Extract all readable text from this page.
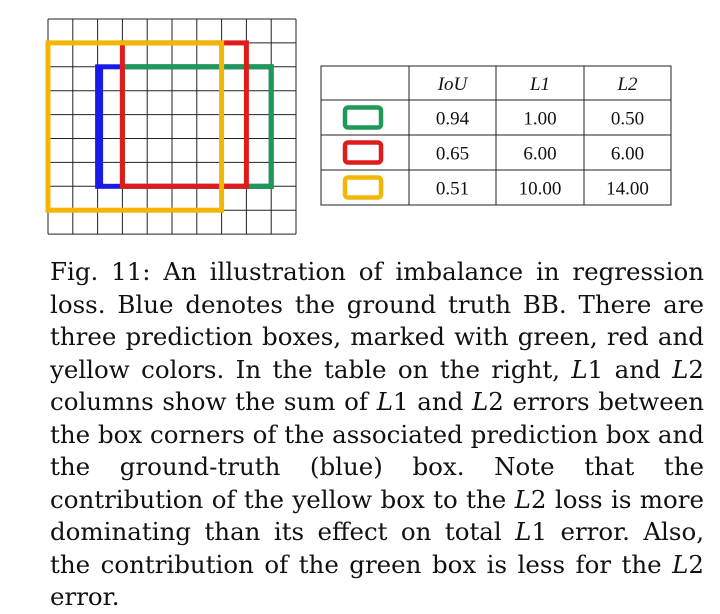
IoU	L1	L2
0.94	1.00	0.50
0.65	6.00	6.00
0.51	10.00 14.00
Fig. 11: An illustration of imbalance in regression loss. Blue denotes the ground truth BB. There are three prediction boxes, marked with green, red and yellow colors. In the table on the right, L1 and L2 columns show the sum of L1 and L2 errors between the box corners of the associated prediction box and the ground-truth (blue) box. Note that the contribution of the yellow box to the L2 loss is more dominating than its effect on total L1 error. Also, the contribution of the green box is less for the L2 error.
